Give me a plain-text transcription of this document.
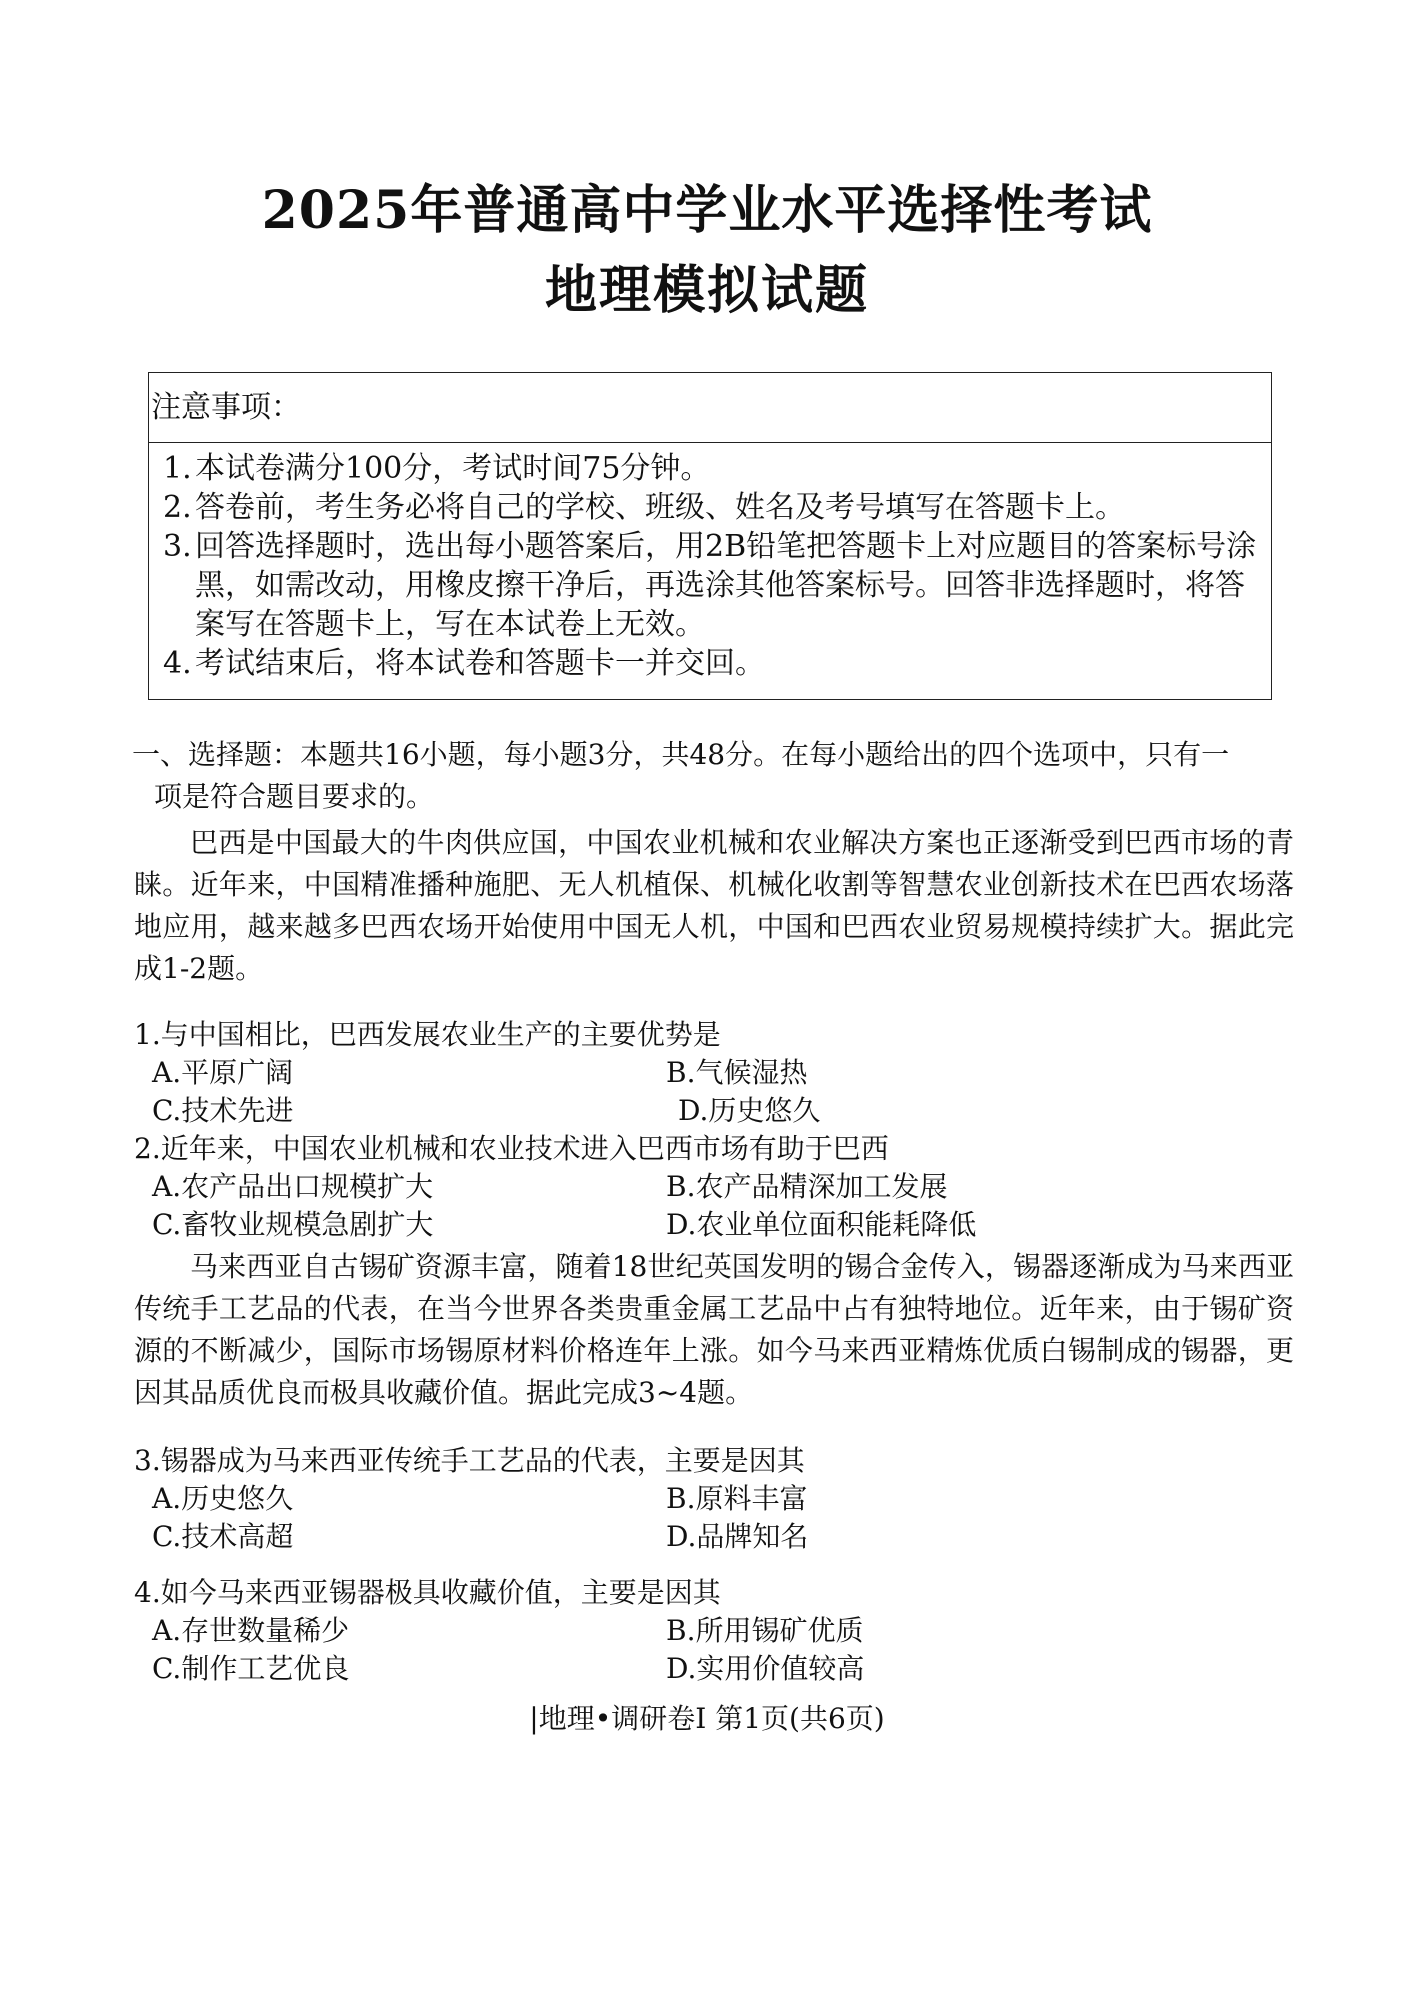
2025年普通高中学业水平选择性考试
地理模拟试题
注意事项：
1. 本试卷满分100分，考试时间75分钟。
2. 答卷前，考生务必将自己的学校、班级、姓名及考号填写在答题卡上。
3. 回答选择题时，选出每小题答案后，用2B铅笔把答题卡上对应题目的答案标号涂黑，如需改动，用橡皮擦干净后，再选涂其他答案标号。回答非选择题时，将答案写在答题卡上，写在本试卷上无效。
4. 考试结束后，将本试卷和答题卡一并交回。
一、选择题：本题共16小题，每小题3分，共48分。在每小题给出的四个选项中，只有一
项是符合题目要求的。
巴西是中国最大的牛肉供应国，中国农业机械和农业解决方案也正逐渐受到巴西市场的青睐。近年来，中国精准播种施肥、无人机植保、机械化收割等智慧农业创新技术在巴西农场落地应用，越来越多巴西农场开始使用中国无人机，中国和巴西农业贸易规模持续扩大。据此完成1-2题。
1.与中国相比，巴西发展农业生产的主要优势是
A.平原广阔	B.气候湿热
C.技术先进	D.历史悠久
2.近年来，中国农业机械和农业技术进入巴西市场有助于巴西
A.农产品出口规模扩大	B.农产品精深加工发展
C.畜牧业规模急剧扩大	D.农业单位面积能耗降低
马来西亚自古锡矿资源丰富，随着18世纪英国发明的锡合金传入，锡器逐渐成为马来西亚传统手工艺品的代表，在当今世界各类贵重金属工艺品中占有独特地位。近年来，由于锡矿资源的不断减少，国际市场锡原材料价格连年上涨。如今马来西亚精炼优质白锡制成的锡器，更因其品质优良而极具收藏价值。据此完成3~4题。
3.锡器成为马来西亚传统手工艺品的代表，主要是因其
A.历史悠久	B.原料丰富
C.技术高超	D.品牌知名
4.如今马来西亚锡器极具收藏价值，主要是因其
A.存世数量稀少	B.所用锡矿优质
C.制作工艺优良	D.实用价值较高
|地理•调研卷Ⅰ 第1页(共6页)
